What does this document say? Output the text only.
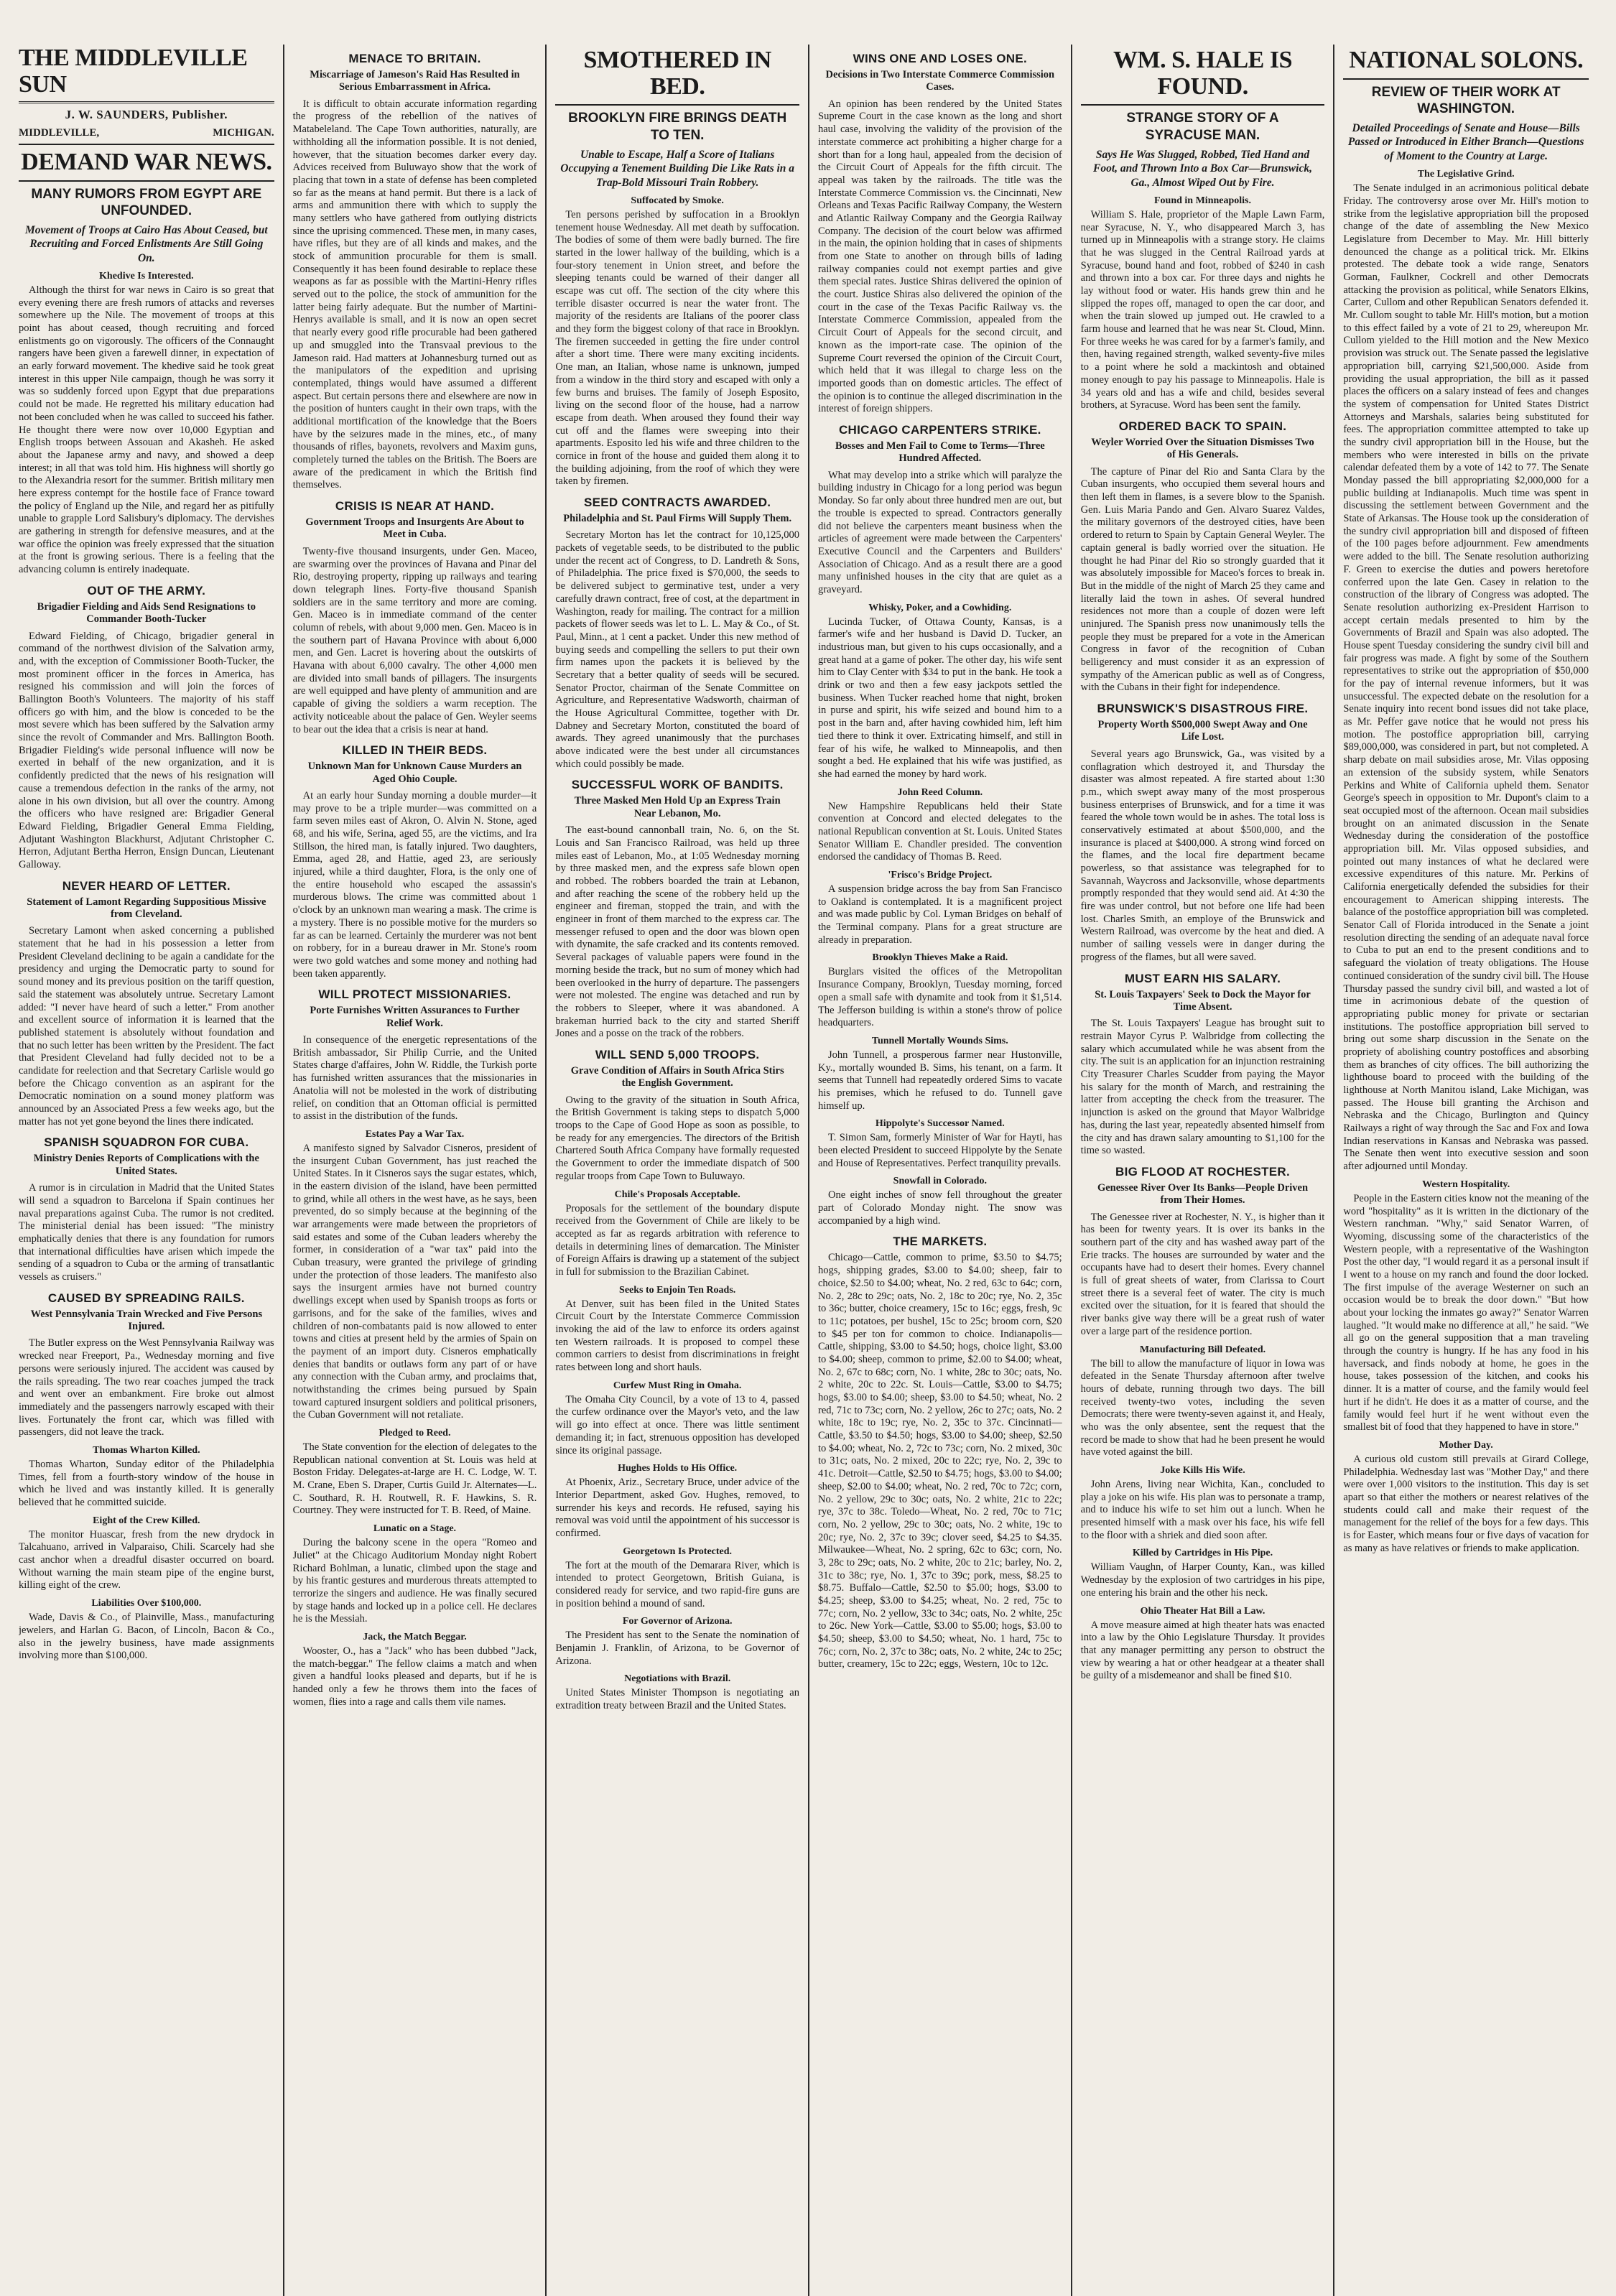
THE MIDDLEVILLE SUN
J. W. SAUNDERS, Publisher.
MIDDLEVILLE,	MICHIGAN.
DEMAND WAR NEWS.
MANY RUMORS FROM EGYPT ARE UNFOUNDED.
Movement of Troops at Cairo Has About Ceased, but Recruiting and Forced Enlistments Are Still Going On.
Khedive Is Interested.

Although the thirst for war news in Cairo is so great that every evening there are fresh rumors of attacks and reverses somewhere up the Nile. The movement of troops at this point has about ceased, though recruiting and forced enlistments go on vigorously. The officers of the Connaught rangers have been given a farewell dinner, in expectation of an early forward movement. The khedive said he took great interest in this upper Nile campaign, though he was sorry it was so suddenly forced upon Egypt that due preparations could not be made. He regretted his military education had not been concluded when he was called to succeed his father. He thought there were now over 10,000 Egyptian and English troops between Assouan and Akasheh. He asked about the Japanese army and navy, and showed a deep interest; in all that was told him. His highness will shortly go to the Alexandria resort for the summer. British military men here express contempt for the hostile face of France toward the policy of England up the Nile, and regard her as pitifully unable to grapple Lord Salisbury's diplomacy. The dervishes are gathering in strength for defensive measures, and at the war office the opinion was freely expressed that the situation at the front is growing serious. There is a feeling that the advancing column is entirely inadequate.

OUT OF THE ARMY.
Brigadier Fielding and Aids Send Resignations to Commander Booth-Tucker

Edward Fielding, of Chicago, brigadier general in command of the northwest division of the Salvation army, and, with the exception of Commissioner Booth-Tucker, the most prominent officer in the forces in America, has resigned his commission and will join the forces of Ballington Booth's Volunteers. The majority of his staff officers go with him, and the blow is conceded to be the most severe which has been suffered by the Salvation army since the revolt of Commander and Mrs. Ballington Booth. Brigadier Fielding's wide personal influence will now be exerted in behalf of the new organization, and it is confidently predicted that the news of his resignation will cause a tremendous defection in the ranks of the army, not alone in his own division, but all over the country. Among the officers who have resigned are: Brigadier General Edward Fielding, Brigadier General Emma Fielding, Adjutant Washington Blackhurst, Adjutant Christopher C. Herron, Adjutant Bertha Herron, Ensign Duncan, Lieutenant Galloway.

NEVER HEARD OF LETTER.
Statement of Lamont Regarding Suppositious Missive from Cleveland.

Secretary Lamont when asked concerning a published statement that he had in his possession a letter from President Cleveland declining to be again a candidate for the presidency and urging the Democratic party to sound for sound money and its previous position on the tariff question, said the statement was absolutely untrue. Secretary Lamont added: "I never have heard of such a letter." From another and excellent source of information it is learned that the published statement is absolutely without foundation and that no such letter has been written by the President. The fact that President Cleveland had fully decided not to be a candidate for reelection and that Secretary Carlisle would go before the Chicago convention as an aspirant for the Democratic nomination on a sound money platform was announced by an Associated Press a few weeks ago, but the matter has not yet gone beyond the lines there indicated.

SPANISH SQUADRON FOR CUBA.
Ministry Denies Reports of Complications with the United States.

A rumor is in circulation in Madrid that the United States will send a squadron to Barcelona if Spain continues her naval preparations against Cuba. The rumor is not credited. The ministerial denial has been issued: "The ministry emphatically denies that there is any foundation for rumors that international difficulties have arisen which impede the sending of a squadron to Cuba or the arming of transatlantic vessels as cruisers."

CAUSED BY SPREADING RAILS.
West Pennsylvania Train Wrecked and Five Persons Injured.

The Butler express on the West Pennsylvania Railway was wrecked near Freeport, Pa., Wednesday morning and five persons were seriously injured. The accident was caused by the rails spreading. The two rear coaches jumped the track and went over an embankment. Fire broke out almost immediately and the passengers narrowly escaped with their lives. Fortunately the front car, which was filled with passengers, did not leave the track.

Thomas Wharton Killed.

Thomas Wharton, Sunday editor of the Philadelphia Times, fell from a fourth-story window of the house in which he lived and was instantly killed. It is generally believed that he committed suicide.

Eight of the Crew Killed.

The monitor Huascar, fresh from the new drydock in Talcahuano, arrived in Valparaiso, Chili. Scarcely had she cast anchor when a dreadful disaster occurred on board. Without warning the main steam pipe of the engine burst, killing eight of the crew.

Liabilities Over $100,000.

Wade, Davis & Co., of Plainville, Mass., manufacturing jewelers, and Harlan G. Bacon, of Lincoln, Bacon & Co., also in the jewelry business, have made assignments involving more than $100,000.

MENACE TO BRITAIN.
Miscarriage of Jameson's Raid Has Resulted in Serious Embarrassment in Africa.

It is difficult to obtain accurate information regarding the progress of the rebellion of the natives of Matabeleland. The Cape Town authorities, naturally, are withholding all the information possible. It is not denied, however, that the situation becomes darker every day. Advices received from Buluwayo show that the work of placing that town in a state of defense has been completed so far as the means at hand permit. But there is a lack of arms and ammunition there with which to supply the many settlers who have gathered from outlying districts since the uprising commenced. These men, in many cases, have rifles, but they are of all kinds and makes, and the stock of ammunition procurable for them is small. Consequently it has been found desirable to replace these weapons as far as possible with the Martini-Henry rifles served out to the police, the stock of ammunition for the latter being fairly adequate. But the number of Martini-Henrys available is small, and it is now an open secret that nearly every good rifle procurable had been gathered up and smuggled into the Transvaal previous to the Jameson raid. Had matters at Johannesburg turned out as the manipulators of the expedition and uprising contemplated, things would have assumed a different aspect. But certain persons there and elsewhere are now in the position of hunters caught in their own traps, with the additional mortification of the knowledge that the Boers have by the seizures made in the mines, etc., of many thousands of rifles, bayonets, revolvers and Maxim guns, completely turned the tables on the British. The Boers are aware of the predicament in which the British find themselves.

CRISIS IS NEAR AT HAND.
Government Troops and Insurgents Are About to Meet in Cuba.

Twenty-five thousand insurgents, under Gen. Maceo, are swarming over the provinces of Havana and Pinar del Rio, destroying property, ripping up railways and tearing down telegraph lines. Forty-five thousand Spanish soldiers are in the same territory and more are coming. Gen. Maceo is in immediate command of the center column of rebels, with about 9,000 men. Gen. Maceo is in the southern part of Havana Province with about 6,000 men, and Gen. Lacret is hovering about the outskirts of Havana with about 6,000 cavalry. The other 4,000 men are divided into small bands of pillagers. The insurgents are well equipped and have plenty of ammunition and are capable of giving the soldiers a warm reception. The activity noticeable about the palace of Gen. Weyler seems to bear out the idea that a crisis is near at hand.

KILLED IN THEIR BEDS.
Unknown Man for Unknown Cause Murders an Aged Ohio Couple.

At an early hour Sunday morning a double murder—it may prove to be a triple murder—was committed on a farm seven miles east of Akron, O. Alvin N. Stone, aged 68, and his wife, Serina, aged 55, are the victims, and Ira Stillson, the hired man, is fatally injured. Two daughters, Emma, aged 28, and Hattie, aged 23, are seriously injured, while a third daughter, Flora, is the only one of the entire household who escaped the assassin's murderous blows. The crime was committed about 1 o'clock by an unknown man wearing a mask. The crime is a mystery. There is no possible motive for the murders so far as can be learned. Certainly the murderer was not bent on robbery, for in a bureau drawer in Mr. Stone's room were two gold watches and some money and nothing had been taken apparently.

WILL PROTECT MISSIONARIES.
Porte Furnishes Written Assurances to Further Relief Work.

In consequence of the energetic representations of the British ambassador, Sir Philip Currie, and the United States charge d'affaires, John W. Riddle, the Turkish porte has furnished written assurances that the missionaries in Anatolia will not be molested in the work of distributing relief, on condition that an Ottoman official is permitted to assist in the distribution of the funds.

Estates Pay a War Tax.

A manifesto signed by Salvador Cisneros, president of the insurgent Cuban Government, has just reached the United States. In it Cisneros says the sugar estates, which, in the eastern division of the island, have been permitted to grind, while all others in the west have, as he says, been prevented, do so simply because at the beginning of the war arrangements were made between the proprietors of said estates and some of the Cuban leaders whereby the former, in consideration of a "war tax" paid into the Cuban treasury, were granted the privilege of grinding under the protection of those leaders. The manifesto also says the insurgent armies have not burned country dwellings except when used by Spanish troops as forts or garrisons, and for the sake of the families, wives and children of non-combatants paid is now allowed to enter towns and cities at present held by the armies of Spain on the payment of an import duty. Cisneros emphatically denies that bandits or outlaws form any part of or have any connection with the Cuban army, and proclaims that, notwithstanding the crimes being pursued by Spain toward captured insurgent soldiers and political prisoners, the Cuban Government will not retaliate.

Pledged to Reed.

The State convention for the election of delegates to the Republican national convention at St. Louis was held at Boston Friday. Delegates-at-large are H. C. Lodge, W. T. M. Crane, Eben S. Draper, Curtis Guild Jr. Alternates—L. C. Southard, R. H. Routwell, R. F. Hawkins, S. R. Courtney. They were instructed for T. B. Reed, of Maine.

Lunatic on a Stage.

During the balcony scene in the opera "Romeo and Juliet" at the Chicago Auditorium Monday night Robert Richard Bohlman, a lunatic, climbed upon the stage and by his frantic gestures and murderous threats attempted to terrorize the singers and audience. He was finally secured by stage hands and locked up in a police cell. He declares he is the Messiah.

Jack, the Match Beggar.

Wooster, O., has a "Jack" who has been dubbed "Jack, the match-beggar." The fellow claims a match and when given a handful looks pleased and departs, but if he is handed only a few he throws them into the faces of women, flies into a rage and calls them vile names.

SMOTHERED IN BED.
BROOKLYN FIRE BRINGS DEATH TO TEN.
Unable to Escape, Half a Score of Italians Occupying a Tenement Building Die Like Rats in a Trap-Bold Missouri Train Robbery.
Suffocated by Smoke.

Ten persons perished by suffocation in a Brooklyn tenement house Wednesday. All met death by suffocation. The bodies of some of them were badly burned. The fire started in the lower hallway of the building, which is a four-story tenement in Union street, and before the sleeping tenants could be warned of their danger all escape was cut off. The section of the city where this terrible disaster occurred is near the water front. The majority of the residents are Italians of the poorer class and they form the biggest colony of that race in Brooklyn. The firemen succeeded in getting the fire under control after a short time. There were many exciting incidents. One man, an Italian, whose name is unknown, jumped from a window in the third story and escaped with only a few burns and bruises. The family of Joseph Esposito, living on the second floor of the house, had a narrow escape from death. When aroused they found their way cut off and the flames were sweeping into their apartments. Esposito led his wife and three children to the cornice in front of the house and guided them along it to the building adjoining, from the roof of which they were taken by firemen.

SEED CONTRACTS AWARDED.
Philadelphia and St. Paul Firms Will Supply Them.

Secretary Morton has let the contract for 10,125,000 packets of vegetable seeds, to be distributed to the public under the recent act of Congress, to D. Landreth & Sons, of Philadelphia. The price fixed is $70,000, the seeds to be delivered subject to germinative test, under a very carefully drawn contract, free of cost, at the department in Washington, ready for mailing. The contract for a million packets of flower seeds was let to L. L. May & Co., of St. Paul, Minn., at 1 cent a packet. Under this new method of buying seeds and compelling the sellers to put their own firm names upon the packets it is believed by the Secretary that a better quality of seeds will be secured. Senator Proctor, chairman of the Senate Committee on Agriculture, and Representative Wadsworth, chairman of the House Agricultural Committee, together with Dr. Dabney and Secretary Morton, constituted the board of awards. They agreed unanimously that the purchases above indicated were the best under all circumstances which could possibly be made.

SUCCESSFUL WORK OF BANDITS.
Three Masked Men Hold Up an Express Train Near Lebanon, Mo.

The east-bound cannonball train, No. 6, on the St. Louis and San Francisco Railroad, was held up three miles east of Lebanon, Mo., at 1:05 Wednesday morning by three masked men, and the express safe blown open and robbed. The robbers boarded the train at Lebanon, and after reaching the scene of the robbery held up the engineer and fireman, stopped the train, and with the engineer in front of them marched to the express car. The messenger refused to open and the door was blown open with dynamite, the safe cracked and its contents removed. Several packages of valuable papers were found in the morning beside the track, but no sum of money which had been overlooked in the hurry of departure. The passengers were not molested. The engine was detached and run by the robbers to Sleeper, where it was abandoned. A brakeman hurried back to the city and started Sheriff Jones and a posse on the track of the robbers.

WILL SEND 5,000 TROOPS.
Grave Condition of Affairs in South Africa Stirs the English Government.

Owing to the gravity of the situation in South Africa, the British Government is taking steps to dispatch 5,000 troops to the Cape of Good Hope as soon as possible, to be ready for any emergencies. The directors of the British Chartered South Africa Company have formally requested the Government to order the immediate dispatch of 500 regular troops from Cape Town to Buluwayo.

Chile's Proposals Acceptable.

Proposals for the settlement of the boundary dispute received from the Government of Chile are likely to be accepted as far as regards arbitration with reference to details in determining lines of demarcation. The Minister of Foreign Affairs is drawing up a statement of the subject in full for submission to the Brazilian Cabinet.

Seeks to Enjoin Ten Roads.

At Denver, suit has been filed in the United States Circuit Court by the Interstate Commerce Commission invoking the aid of the law to enforce its orders against ten Western railroads. It is proposed to compel these common carriers to desist from discriminations in freight rates between long and short hauls.

Curfew Must Ring in Omaha.

The Omaha City Council, by a vote of 13 to 4, passed the curfew ordinance over the Mayor's veto, and the law will go into effect at once. There was little sentiment demanding it; in fact, strenuous opposition has developed since its original passage.

Hughes Holds to His Office.

At Phoenix, Ariz., Secretary Bruce, under advice of the Interior Department, asked Gov. Hughes, removed, to surrender his keys and records. He refused, saying his removal was void until the appointment of his successor is confirmed.

Georgetown Is Protected.

The fort at the mouth of the Demarara River, which is intended to protect Georgetown, British Guiana, is considered ready for service, and two rapid-fire guns are in position behind a mound of sand.

For Governor of Arizona.

The President has sent to the Senate the nomination of Benjamin J. Franklin, of Arizona, to be Governor of Arizona.

Negotiations with Brazil.

United States Minister Thompson is negotiating an extradition treaty between Brazil and the United States.

WINS ONE AND LOSES ONE.
Decisions in Two Interstate Commerce Commission Cases.

An opinion has been rendered by the United States Supreme Court in the case known as the long and short haul case, involving the validity of the provision of the interstate commerce act prohibiting a higher charge for a short than for a long haul, appealed from the decision of the Circuit Court of Appeals for the fifth circuit. The appeal was taken by the railroads. The title was the Interstate Commerce Commission vs. the Cincinnati, New Orleans and Texas Pacific Railway Company, the Western and Atlantic Railway Company and the Georgia Railway Company. The decision of the court below was affirmed in the main, the opinion holding that in cases of shipments from one State to another on through bills of lading railway companies could not exempt parties and give them special rates. Justice Shiras delivered the opinion of the court. Justice Shiras also delivered the opinion of the court in the case of the Texas Pacific Railway vs. the Interstate Commerce Commission, appealed from the Circuit Court of Appeals for the second circuit, and known as the import-rate case. The opinion of the Supreme Court reversed the opinion of the Circuit Court, which held that it was illegal to charge less on the imported goods than on domestic articles. The effect of the opinion is to continue the alleged discrimination in the interest of foreign shippers.

CHICAGO CARPENTERS STRIKE.
Bosses and Men Fail to Come to Terms—Three Hundred Affected.

What may develop into a strike which will paralyze the building industry in Chicago for a long period was begun Monday. So far only about three hundred men are out, but the trouble is expected to spread. Contractors generally did not believe the carpenters meant business when the articles of agreement were made between the Carpenters' Executive Council and the Carpenters and Builders' Association of Chicago. And as a result there are a good many unfinished houses in the city that are quiet as a graveyard.

Whisky, Poker, and a Cowhiding.

Lucinda Tucker, of Ottawa County, Kansas, is a farmer's wife and her husband is David D. Tucker, an industrious man, but given to his cups occasionally, and a great hand at a game of poker. The other day, his wife sent him to Clay Center with $34 to put in the bank. He took a drink or two and then a few easy jackpots settled the business. When Tucker reached home that night, broken in purse and spirit, his wife seized and bound him to a post in the barn and, after having cowhided him, left him tied there to think it over. Extricating himself, and still in fear of his wife, he walked to Minneapolis, and then sought a bed. He explained that his wife was justified, as she had earned the money by hard work.

John Reed Column.

New Hampshire Republicans held their State convention at Concord and elected delegates to the national Republican convention at St. Louis. United States Senator William E. Chandler presided. The convention endorsed the candidacy of Thomas B. Reed.

'Frisco's Bridge Project.

A suspension bridge across the bay from San Francisco to Oakland is contemplated. It is a magnificent project and was made public by Col. Lyman Bridges on behalf of the Terminal company. Plans for a great structure are already in preparation.

Brooklyn Thieves Make a Raid.

Burglars visited the offices of the Metropolitan Insurance Company, Brooklyn, Tuesday morning, forced open a small safe with dynamite and took from it $1,514. The Jefferson building is within a stone's throw of police headquarters.

Tunnell Mortally Wounds Sims.

John Tunnell, a prosperous farmer near Hustonville, Ky., mortally wounded B. Sims, his tenant, on a farm. It seems that Tunnell had repeatedly ordered Sims to vacate his premises, which he refused to do. Tunnell gave himself up.

Hippolyte's Successor Named.

T. Simon Sam, formerly Minister of War for Hayti, has been elected President to succeed Hippolyte by the Senate and House of Representatives. Perfect tranquility prevails.

Snowfall in Colorado.

One eight inches of snow fell throughout the greater part of Colorado Monday night. The snow was accompanied by a high wind.

THE MARKETS.

Chicago—Cattle, common to prime, $3.50 to $4.75; hogs, shipping grades, $3.00 to $4.00; sheep, fair to choice, $2.50 to $4.00; wheat, No. 2 red, 63c to 64c; corn, No. 2, 28c to 29c; oats, No. 2, 18c to 20c; rye, No. 2, 35c to 36c; butter, choice creamery, 15c to 16c; eggs, fresh, 9c to 11c; potatoes, per bushel, 15c to 25c; broom corn, $20 to $45 per ton for common to choice. Indianapolis—Cattle, shipping, $3.00 to $4.50; hogs, choice light, $3.00 to $4.00; sheep, common to prime, $2.00 to $4.00; wheat, No. 2, 67c to 68c; corn, No. 1 white, 28c to 30c; oats, No. 2 white, 20c to 22c. St. Louis—Cattle, $3.00 to $4.75; hogs, $3.00 to $4.00; sheep, $3.00 to $4.50; wheat, No. 2 red, 71c to 73c; corn, No. 2 yellow, 26c to 27c; oats, No. 2 white, 18c to 19c; rye, No. 2, 35c to 37c. Cincinnati—Cattle, $3.50 to $4.50; hogs, $3.00 to $4.00; sheep, $2.50 to $4.00; wheat, No. 2, 72c to 73c; corn, No. 2 mixed, 30c to 31c; oats, No. 2 mixed, 20c to 22c; rye, No. 2, 39c to 41c. Detroit—Cattle, $2.50 to $4.75; hogs, $3.00 to $4.00; sheep, $2.00 to $4.00; wheat, No. 2 red, 70c to 72c; corn, No. 2 yellow, 29c to 30c; oats, No. 2 white, 21c to 22c; rye, 37c to 38c. Toledo—Wheat, No. 2 red, 70c to 71c; corn, No. 2 yellow, 29c to 30c; oats, No. 2 white, 19c to 20c; rye, No. 2, 37c to 39c; clover seed, $4.25 to $4.35. Milwaukee—Wheat, No. 2 spring, 62c to 63c; corn, No. 3, 28c to 29c; oats, No. 2 white, 20c to 21c; barley, No. 2, 31c to 38c; rye, No. 1, 37c to 39c; pork, mess, $8.25 to $8.75. Buffalo—Cattle, $2.50 to $5.00; hogs, $3.00 to $4.25; sheep, $3.00 to $4.25; wheat, No. 2 red, 75c to 77c; corn, No. 2 yellow, 33c to 34c; oats, No. 2 white, 25c to 26c. New York—Cattle, $3.00 to $5.00; hogs, $3.00 to $4.50; sheep, $3.00 to $4.50; wheat, No. 1 hard, 75c to 76c; corn, No. 2, 37c to 38c; oats, No. 2 white, 24c to 25c; butter, creamery, 15c to 22c; eggs, Western, 10c to 12c.

WM. S. HALE IS FOUND.
STRANGE STORY OF A SYRACUSE MAN.
Says He Was Slugged, Robbed, Tied Hand and Foot, and Thrown Into a Box Car—Brunswick, Ga., Almost Wiped Out by Fire.
Found in Minneapolis.

William S. Hale, proprietor of the Maple Lawn Farm, near Syracuse, N. Y., who disappeared March 3, has turned up in Minneapolis with a strange story. He claims that he was slugged in the Central Railroad yards at Syracuse, bound hand and foot, robbed of $240 in cash and thrown into a box car. For three days and nights he lay without food or water. His hands grew thin and he slipped the ropes off, managed to open the car door, and when the train slowed up jumped out. He crawled to a farm house and learned that he was near St. Cloud, Minn. For three weeks he was cared for by a farmer's family, and then, having regained strength, walked seventy-five miles to a point where he sold a mackintosh and obtained money enough to pay his passage to Minneapolis. Hale is 34 years old and has a wife and child, besides several brothers, at Syracuse. Word has been sent the family.

ORDERED BACK TO SPAIN.
Weyler Worried Over the Situation Dismisses Two of His Generals.

The capture of Pinar del Rio and Santa Clara by the Cuban insurgents, who occupied them several hours and then left them in flames, is a severe blow to the Spanish. Gen. Luis Maria Pando and Gen. Alvaro Suarez Valdes, the military governors of the destroyed cities, have been ordered to return to Spain by Captain General Weyler. The captain general is badly worried over the situation. He thought he had Pinar del Rio so strongly guarded that it was absolutely impossible for Maceo's forces to break in. But in the middle of the night of March 25 they came and literally laid the town in ashes. Of several hundred residences not more than a couple of dozen were left uninjured. The Spanish press now unanimously tells the people they must be prepared for a vote in the American Congress in favor of the recognition of Cuban belligerency and must consider it as an expression of sympathy of the American public as well as of Congress, with the Cubans in their fight for independence.

BRUNSWICK'S DISASTROUS FIRE.
Property Worth $500,000 Swept Away and One Life Lost.

Several years ago Brunswick, Ga., was visited by a conflagration which destroyed it, and Thursday the disaster was almost repeated. A fire started about 1:30 p.m., which swept away many of the most prosperous business enterprises of Brunswick, and for a time it was feared the whole town would be in ashes. The total loss is conservatively estimated at about $500,000, and the insurance is placed at $400,000. A strong wind forced on the flames, and the local fire department became powerless, so that assistance was telegraphed for to Savannah, Waycross and Jacksonville, whose departments promptly responded that they would send aid. At 4:30 the fire was under control, but not before one life had been lost. Charles Smith, an employe of the Brunswick and Western Railroad, was overcome by the heat and died. A number of sailing vessels were in danger during the progress of the flames, but all were saved.

MUST EARN HIS SALARY.
St. Louis Taxpayers' Seek to Dock the Mayor for Time Absent.

The St. Louis Taxpayers' League has brought suit to restrain Mayor Cyrus P. Walbridge from collecting the salary which accumulated while he was absent from the city. The suit is an application for an injunction restraining City Treasurer Charles Scudder from paying the Mayor his salary for the month of March, and restraining the latter from accepting the check from the treasurer. The injunction is asked on the ground that Mayor Walbridge has, during the last year, repeatedly absented himself from the city and has drawn salary amounting to $1,100 for the time so wasted.

BIG FLOOD AT ROCHESTER.
Genessee River Over Its Banks—People Driven from Their Homes.

The Genessee river at Rochester, N. Y., is higher than it has been for twenty years. It is over its banks in the southern part of the city and has washed away part of the Erie tracks. The houses are surrounded by water and the occupants have had to desert their homes. Every channel is full of great sheets of water, from Clarissa to Court street there is a several feet of water. The city is much excited over the situation, for it is feared that should the river banks give way there will be a great rush of water over a large part of the residence portion.

Manufacturing Bill Defeated.

The bill to allow the manufacture of liquor in Iowa was defeated in the Senate Thursday afternoon after twelve hours of debate, running through two days. The bill received twenty-two votes, including the seven Democrats; there were twenty-seven against it, and Healy, who was the only absentee, sent the request that the record be made to show that had he been present he would have voted against the bill.

Joke Kills His Wife.

John Arens, living near Wichita, Kan., concluded to play a joke on his wife. His plan was to personate a tramp, and to induce his wife to set him out a lunch. When he presented himself with a mask over his face, his wife fell to the floor with a shriek and died soon after.

Killed by Cartridges in His Pipe.

William Vaughn, of Harper County, Kan., was killed Wednesday by the explosion of two cartridges in his pipe, one entering his brain and the other his neck.

Ohio Theater Hat Bill a Law.

A move measure aimed at high theater hats was enacted into a law by the Ohio Legislature Thursday. It provides that any manager permitting any person to obstruct the view by wearing a hat or other headgear at a theater shall be guilty of a misdemeanor and shall be fined $10.

NATIONAL SOLONS.
REVIEW OF THEIR WORK AT WASHINGTON.
Detailed Proceedings of Senate and House—Bills Passed or Introduced in Either Branch—Questions of Moment to the Country at Large.
The Legislative Grind.

The Senate indulged in an acrimonious political debate Friday. The controversy arose over Mr. Hill's motion to strike from the legislative appropriation bill the proposed change of the date of assembling the New Mexico Legislature from December to May. Mr. Hill bitterly denounced the change as a political trick. Mr. Elkins protested. The debate took a wide range, Senators Gorman, Faulkner, Cockrell and other Democrats attacking the provision as political, while Senators Elkins, Carter, Cullom and other Republican Senators defended it. Mr. Cullom sought to table Mr. Hill's motion, but a motion to this effect failed by a vote of 21 to 29, whereupon Mr. Cullom yielded to the Hill motion and the New Mexico provision was struck out. The Senate passed the legislative appropriation bill, carrying $21,500,000. Aside from providing the usual appropriation, the bill as it passed places the officers on a salary instead of fees and changes the system of compensation for United States District Attorneys and Marshals, salaries being substituted for fees. The appropriation committee attempted to take up the sundry civil appropriation bill in the House, but the members who were interested in bills on the private calendar defeated them by a vote of 142 to 77. The Senate Monday passed the bill appropriating $2,000,000 for a public building at Indianapolis. Much time was spent in discussing the settlement between Government and the State of Arkansas. The House took up the consideration of the sundry civil appropriation bill and disposed of fifteen of the 100 pages before adjournment. Few amendments were added to the bill. The Senate resolution authorizing F. Green to exercise the duties and powers heretofore conferred upon the late Gen. Casey in relation to the construction of the library of Congress was adopted. The Senate resolution authorizing ex-President Harrison to accept certain medals presented to him by the Governments of Brazil and Spain was also adopted. The House spent Tuesday considering the sundry civil bill and fair progress was made. A fight by some of the Southern representatives to strike out the appropriation of $50,000 for the pay of internal revenue informers, but it was unsuccessful. The expected debate on the resolution for a Senate inquiry into recent bond issues did not take place, as Mr. Peffer gave notice that he would not press his motion. The postoffice appropriation bill, carrying $89,000,000, was considered in part, but not completed. A sharp debate on mail subsidies arose, Mr. Vilas opposing an extension of the subsidy system, while Senators Perkins and White of California upheld them. Senator George's speech in opposition to Mr. Dupont's claim to a seat occupied most of the afternoon. Ocean mail subsidies brought on an animated discussion in the Senate Wednesday during the consideration of the postoffice appropriation bill. Mr. Vilas opposed subsidies, and pointed out many instances of what he declared were excessive expenditures of this nature. Mr. Perkins of California energetically defended the subsidies for their encouragement to American shipping interests. The balance of the postoffice appropriation bill was completed. Senator Call of Florida introduced in the Senate a joint resolution directing the sending of an adequate naval force to Cuba to put an end to the present conditions and to safeguard the violation of treaty obligations. The House continued consideration of the sundry civil bill. The House Thursday passed the sundry civil bill, and wasted a lot of time in acrimonious debate of the question of appropriating public money for private or sectarian institutions. The postoffice appropriation bill served to bring out some sharp discussion in the Senate on the propriety of abolishing country postoffices and absorbing them as branches of city offices. The bill authorizing the lighthouse board to proceed with the building of the lighthouse at North Manitou island, Lake Michigan, was passed. The House bill granting the Archison and Nebraska and the Chicago, Burlington and Quincy Railways a right of way through the Sac and Fox and Iowa Indian reservations in Kansas and Nebraska was passed. The Senate then went into executive session and soon after adjourned until Monday.

Western Hospitality.

People in the Eastern cities know not the meaning of the word "hospitality" as it is written in the dictionary of the Western ranchman. "Why," said Senator Warren, of Wyoming, discussing some of the characteristics of the Western people, with a representative of the Washington Post the other day, "I would regard it as a personal insult if I went to a house on my ranch and found the door locked. The first impulse of the average Westerner on such an occasion would be to break the door down." "But how about your locking the inmates go away?" Senator Warren laughed. "It would make no difference at all," he said. "We all go on the general supposition that a man traveling through the country is hungry. If he has any food in his haversack, and finds nobody at home, he goes in the house, takes possession of the kitchen, and cooks his dinner. It is a matter of course, and the family would feel hurt if he didn't. He does it as a matter of course, and the family would feel hurt if he went without even the smallest bit of food that they happened to have in store."

Mother Day.

A curious old custom still prevails at Girard College, Philadelphia. Wednesday last was "Mother Day," and there were over 1,000 visitors to the institution. This day is set apart so that either the mothers or nearest relatives of the students could call and make their request of the management for the relief of the boys for a few days. This is for Easter, which means four or five days of vacation for as many as have relatives or friends to make application.
